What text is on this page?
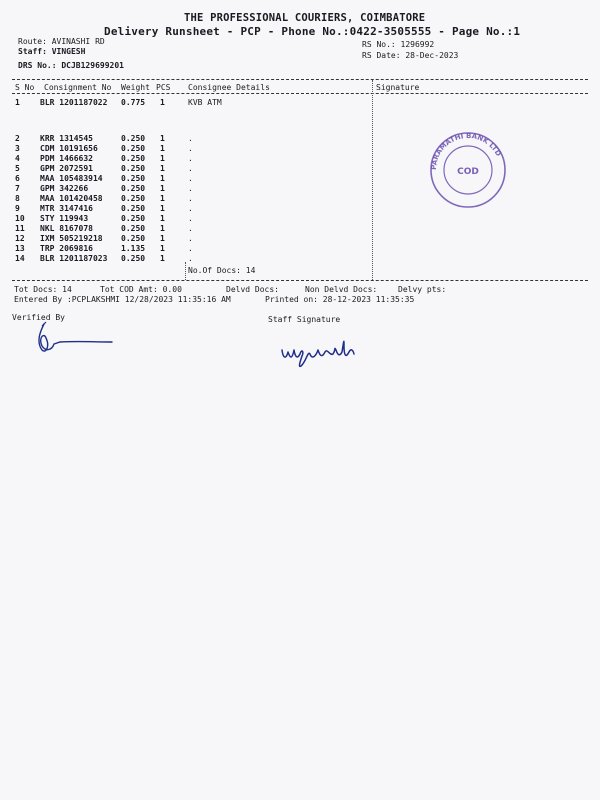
THE PROFESSIONAL COURIERS, COIMBATORE
Delivery Runsheet - PCP - Phone No.:0422-3505555 - Page No.:1
Route: AVINASHI RD
Staff: VINGESH
DRS No.: DCJB129699201
RS No.: 1296992
RS Date: 28-Dec-2023
S No Consignment No Weight PCS Consignee Details	Signature
1	BLR 1201187022 0.775 1	KVB ATM
2	KRR 1314545	0.250 1	.
3	CDM 10191656	0.250 1	.
4	PDM 1466632	0.250 1	.
5	GPM 2072591	0.250 1	.
6	MAA 105483914 0.250 1	.
7	GPM 342266	0.250 1	.
8	MAA 101420458 0.250 1	.
9	MTR 3147416	0.250 1	.
10 STY 119943	0.250 1	.
11 NKL 8167078	0.250 1	.
12 IXM 505219218 0.250 1	.
13 TRP 2069816	1.135 1	.
14 BLR 1201187023 0.250 1	.
No.Of Docs: 14
PARAMATHI BANK LTD
COD
Tot Docs: 14	Tot COD Amt: 0.00	Delvd Docs:	Non Delvd Docs:	Delvy pts:
Entered By :PCPLAKSHMI 12/28/2023 11:35:16 AM	Printed on: 28-12-2023 11:35:35
Verified By	Staff Signature
